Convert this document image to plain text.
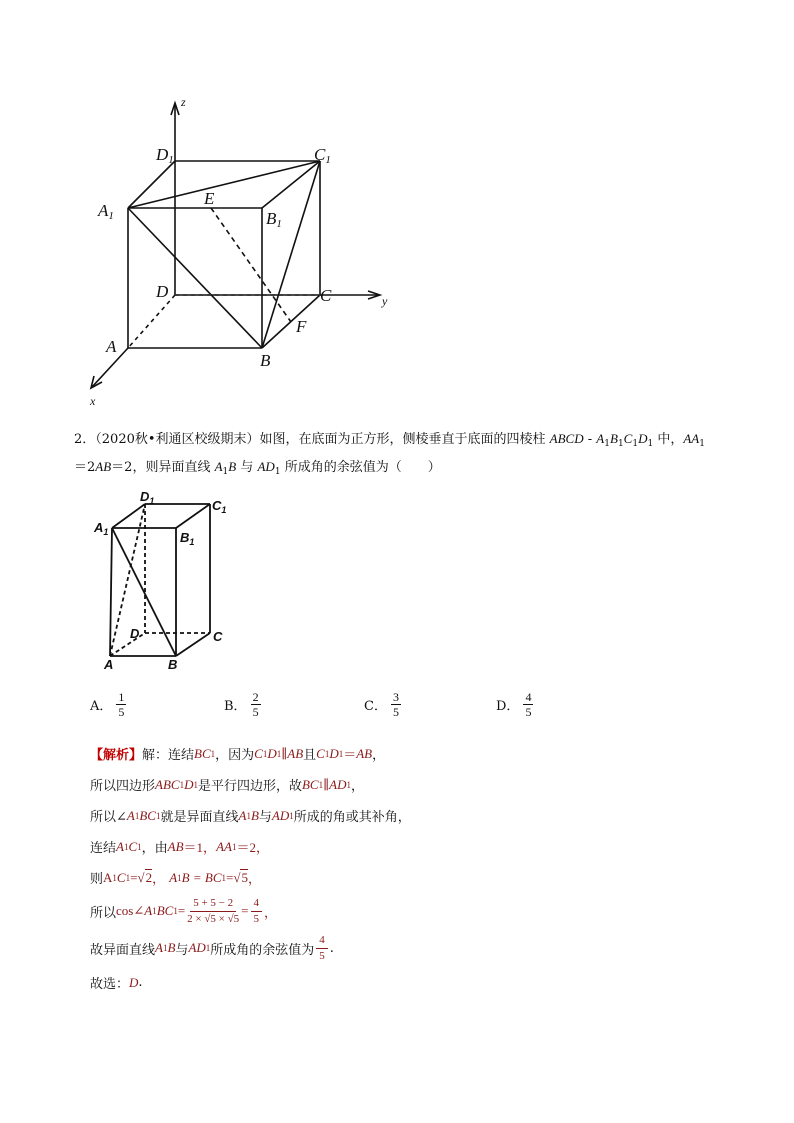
z
y
x
D1	C1
A1
E
B1
D	C
F
A
B
2．（2020秋•利通区校级期末）如图，在底面为正方形，侧棱垂直于底面的四棱柱 ABCD - $A_1B_1C_1D_1$ 中，$AA_1$
＝2AB＝2，则异面直线 $A_1B$ 与 $AD_1$ 所成角的余弦值为（　　）
$D_1$	$C_1$
$A_1$	$B_1$
D	C
A	B
A． $\frac{1}{5}$	B． $\frac{2}{5}$	C． $\frac{3}{5}$	D． $\frac{4}{5}$
【解析】 解：连结 BC 1 ，因为 C 1 D 1 ∥ AB 且 C 1 D 1 ＝ AB ，
所以四边形 ABC 1 D 1 是平行四边形，故 BC 1 ∥ AD 1 ，
所以∠ A 1 BC 1 就是异面直线 A 1 B 与 AD 1 所成的角或其补角，
连结 A 1 C 1 ，由 AB ＝1， AA 1 ＝2，
则 A 1 C 1 = √ 2 ，
A 1 B = BC 1 = √ 5 ，
所以 cos∠ A 1 BC $1 = \frac{5 + 5 - 2}{2 \times √5 \times √5} = \frac{4}{5}$ ，
故异面直线 A 1 B 与 AD 1 所成角的余弦值为
4
5 .
故选： D .
